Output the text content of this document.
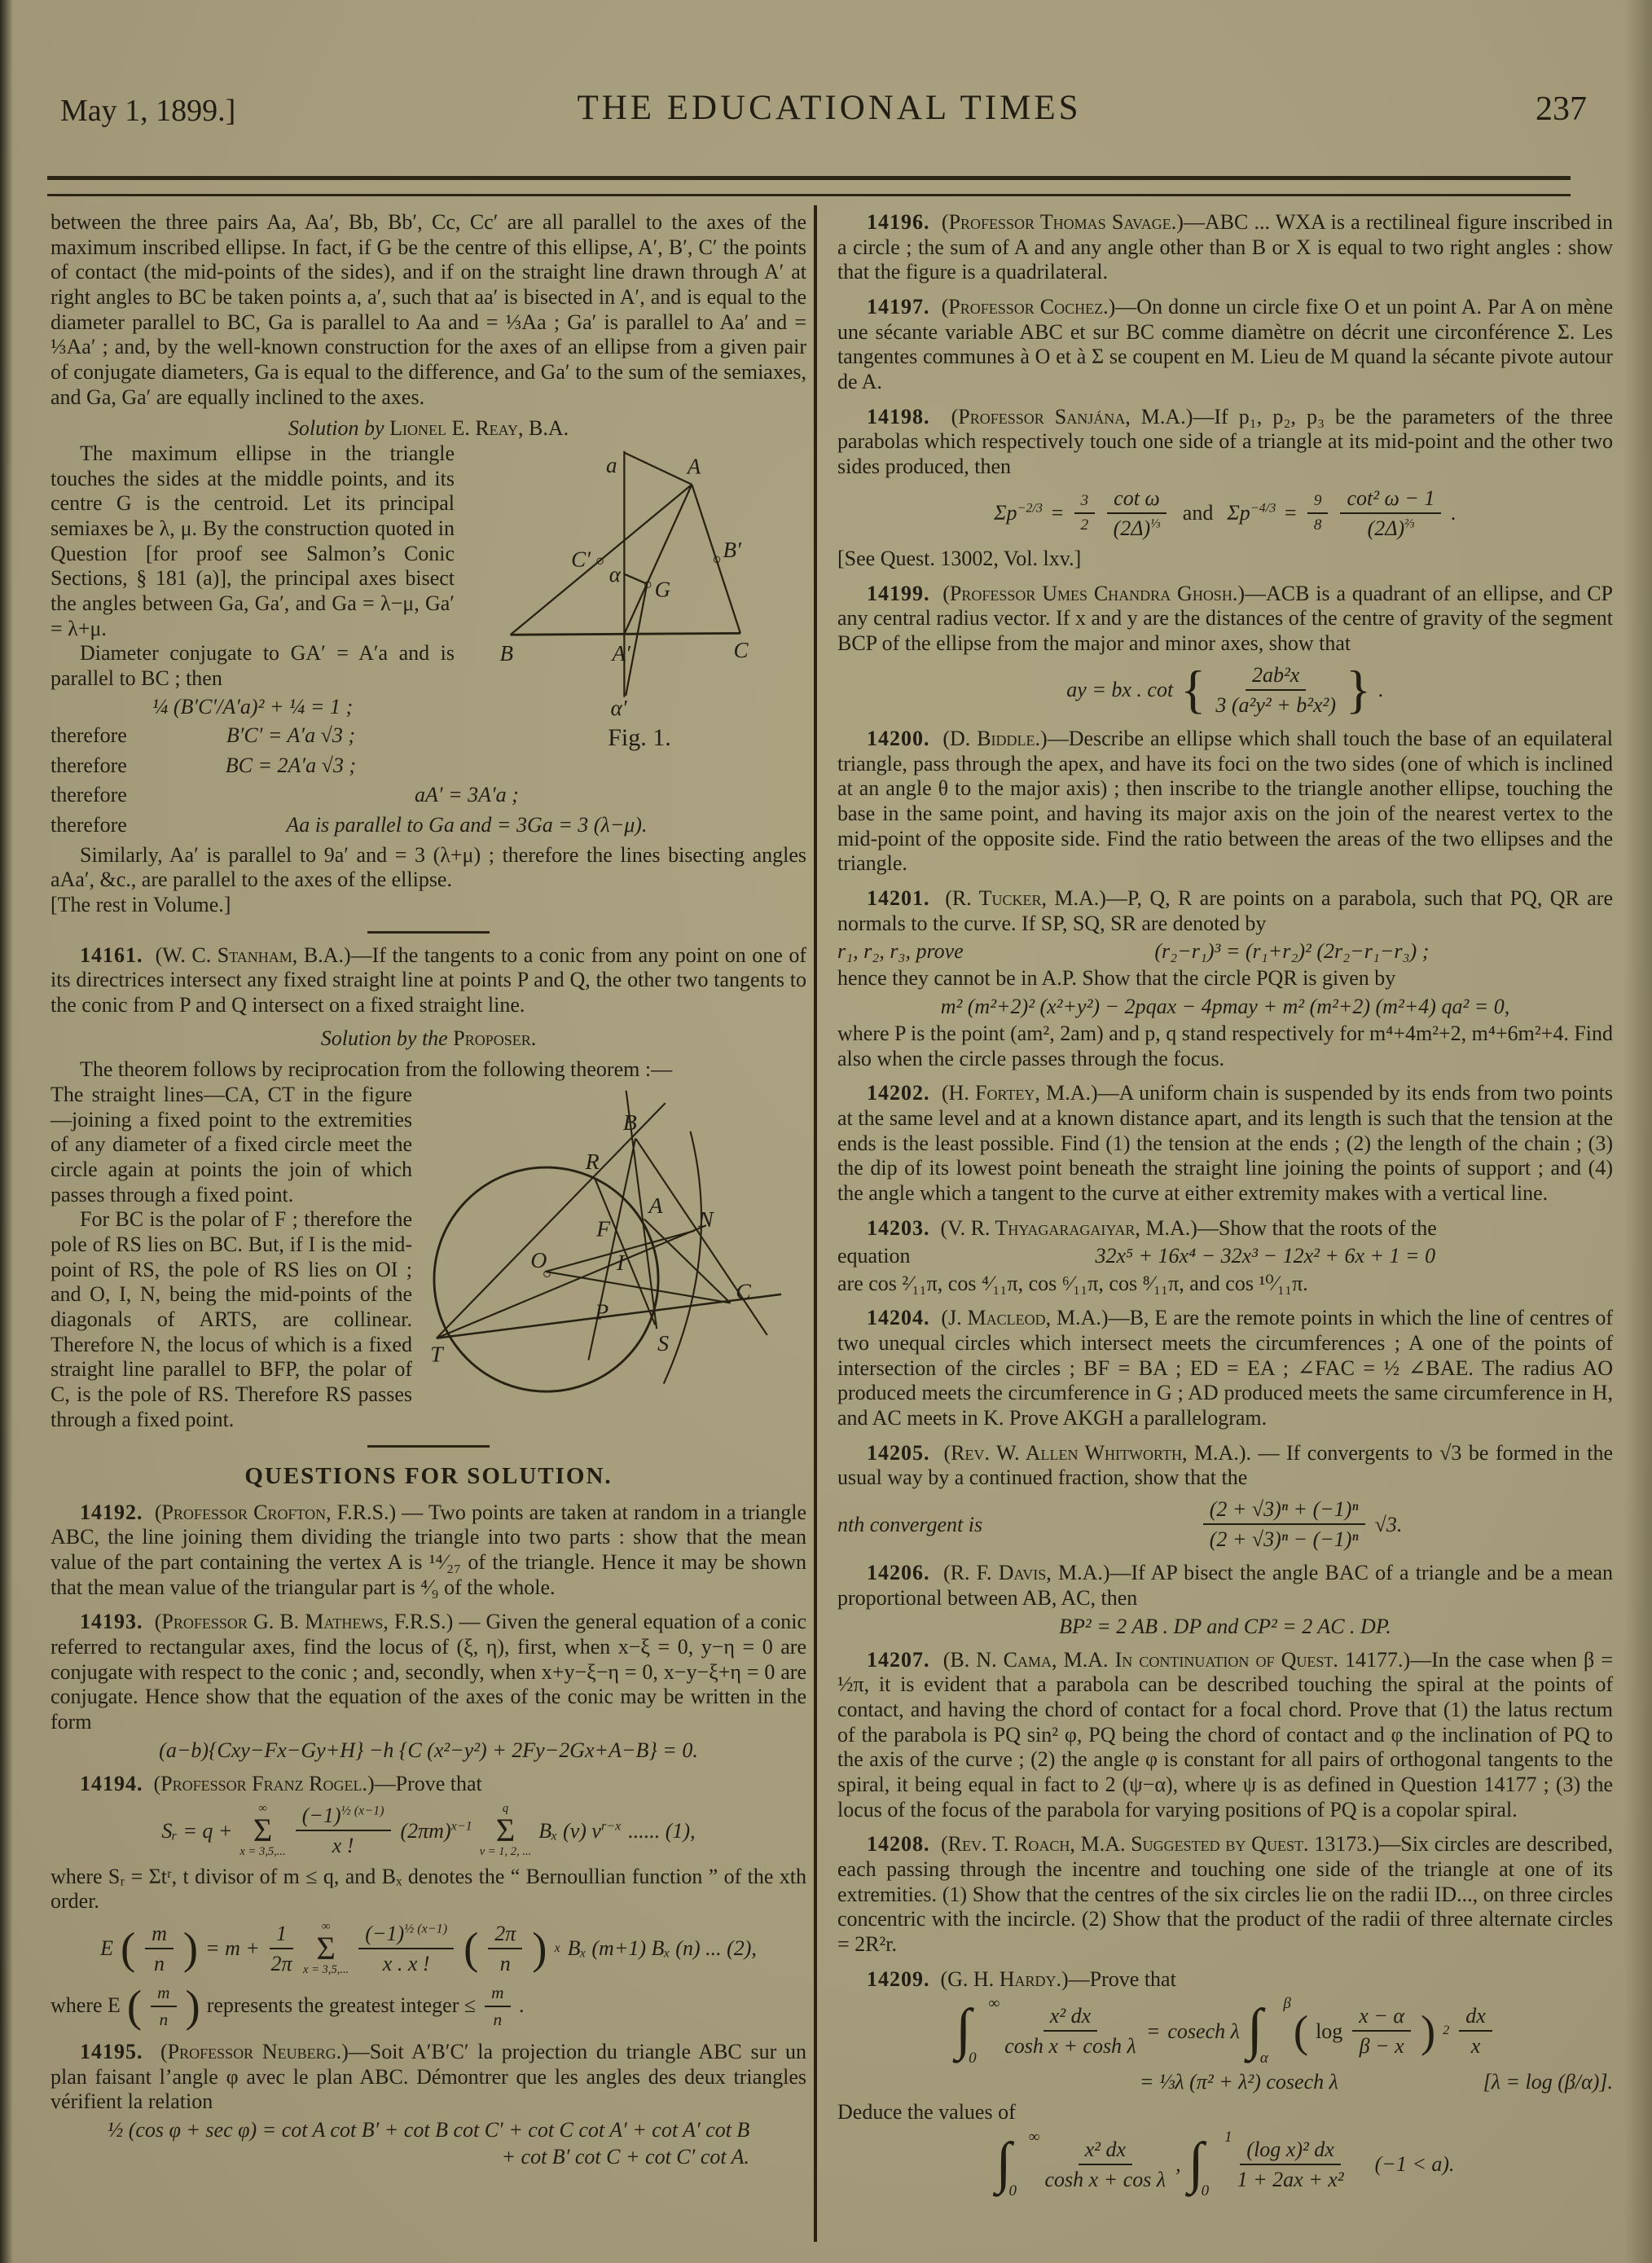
May 1, 1899.]	THE EDUCATIONAL TIMES	237

between the three pairs Aa, Aa′, Bb, Bb′, Cc, Cc′ are all parallel to the axes of the maximum inscribed ellipse. In fact, if G be the centre of this ellipse, A′, B′, C′ the points of contact (the mid-points of the sides), and if on the straight line drawn through A′ at right angles to BC be taken points a, a′, such that aa′ is bisected in A′, and is equal to the diameter parallel to BC, Ga is parallel to Aa and = ⅓Aa ; Ga′ is parallel to Aa′ and = ⅓Aa′ ; and, by the well-known construction for the axes of an ellipse from a given pair of conjugate diameters, Ga is equal to the difference, and Ga′ to the sum of the semiaxes, and Ga, Ga′ are equally inclined to the axes.

Solution by Lionel E. Reay, B.A.

a	A
C′	B′
α
G
B	A′	C
α′
Fig. 1.

The maximum ellipse in the triangle touches the sides at the middle points, and its centre G is the centroid. Let its principal semiaxes be λ, μ. By the construction quoted in Question [for proof see Salmon’s Conic Sections, § 181 (a)], the principal axes bisect the angles between Ga, Ga′, and Ga = λ−μ, Ga′ = λ+μ.

Diameter conjugate to GA′ = A′a and is parallel to BC ; then

¼ (B′C′/A′a)² + ¼ = 1 ;
therefore	B′C′ = A′a √3 ;
therefore	BC = 2A′a √3 ;
therefore	aA′ = 3A′a ;
therefore	Aa is parallel to Ga and = 3Ga = 3 (λ−μ).

Similarly, Aa′ is parallel to 9a′ and = 3 (λ+μ) ; therefore the lines bisecting angles aAa′, &c., are parallel to the axes of the ellipse.

[The rest in Volume.]

14161. (W. C. Stanham, B.A.)—If the tangents to a conic from any point on one of its directrices intersect any fixed straight line at points P and Q, the other two tangents to the conic from P and Q intersect on a fixed straight line.

Solution by the Proposer.

The theorem follows by reciprocation from the following theorem :—

B
R
A
F	N
O	I
P
C
S
T

The straight lines—CA, CT in the figure—joining a fixed point to the extremities of any diameter of a fixed circle meet the circle again at points the join of which passes through a fixed point.

For BC is the polar of F ; therefore the pole of RS lies on BC. But, if I is the mid-point of RS, the pole of RS lies on OI ; and O, I, N, being the mid-points of the diagonals of ARTS, are collinear. Therefore N, the locus of which is a fixed straight line parallel to BFP, the polar of C, is the pole of RS. Therefore RS passes through a fixed point.

QUESTIONS FOR SOLUTION.

14192. (Professor Crofton, F.R.S.) — Two points are taken at random in a triangle ABC, the line joining them dividing the triangle into two parts : show that the mean value of the part containing the vertex A is ¹⁴⁄₂₇ of the triangle. Hence it may be shown that the mean value of the triangular part is ⁴⁄₉ of the whole.

14193. (Professor G. B. Mathews, F.R.S.) — Given the general equation of a conic referred to rectangular axes, find the locus of (ξ, η), first, when x−ξ = 0, y−η = 0 are conjugate with respect to the conic ; and, secondly, when x+y−ξ−η = 0, x−y−ξ+η = 0 are conjugate. Hence show that the equation of the axes of the conic may be written in the form

(a−b){Cxy−Fx−Gy+H} −h {C (x²−y²) + 2Fy−2Gx+A−B} = 0.

14194. (Professor Franz Rogel.)—Prove that

Sᵣ = q +
∞
Σ
x = 3,5,... $\frac{(-1)^{\frac{1}{2} (x-1)}}{x !} (2\pi m)^{x-1}$
q
Σ
ν = 1, 2, ...
Bₓ (ν) $\nu^{r-x}$ ...... (1),

where Sᵣ = Σtʳ, t divisor of m ≤ q, and Bₓ denotes the “ Bernoullian function ” of the xth order.

E ( $\frac{m}{n}$ ) = $m + \frac{1}{2\pi}$ ∞
Σ
x = 3,5,... $\frac{(-1)^{\frac{1}{2} (x-1)}}{x . x !}$ ( $\frac{2\pi}{n}$ ) x Bₓ (m+1) Bₓ (n) ... (2),
where E ( $\frac{m}{n}$ ) represents the greatest integer ≤ $\frac{m}{n}$ .

14195. (Professor Neuberg.)—Soit A′B′C′ la projection du triangle ABC sur un plan faisant l’angle φ avec le plan ABC. Démontrer que les angles des deux triangles vérifient la relation

½ (cos φ + sec φ) = cot A cot B′ + cot B cot C′ + cot C cot A′ + cot A′ cot B
+ cot B′ cot C + cot C′ cot A.

14196. (Professor Thomas Savage.)—ABC ... WXA is a rectilineal figure inscribed in a circle ; the sum of A and any angle other than B or X is equal to two right angles : show that the figure is a quadrilateral.

14197. (Professor Cochez.)—On donne un circle fixe O et un point A. Par A on mène une sécante variable ABC et sur BC comme diamètre on décrit une circonférence Σ. Les tangentes communes à O et à Σ se coupent en M. Lieu de M quand la sécante pivote autour de A.

14198. (Professor Sanjána, M.A.)—If p₁, p₂, p₃ be the parameters of the three parabolas which respectively touch one side of a triangle at its mid-point and the other two sides produced, then

$\Sigma p^{-2/3} = \frac{3}{2} \frac{\text{cot ω}}{(2\Delta)^{\frac{1}{3}}}$ and $\Sigma p^{-4/3} = \frac{9}{8} \frac{\text{cot² ω − 1}}{(2\Delta)^{\frac{2}{3}}}$ .

[See Quest. 13002, Vol. lxv.]

14199. (Professor Umes Chandra Ghosh.)—ACB is a quadrant of an ellipse, and CP any central radius vector. If x and y are the distances of the centre of gravity of the segment BCP of the ellipse from the major and minor axes, show that

ay = bx . cot { $\frac{\text{2ab²x}}{\text{3 (a²y² + b²x²)}}$ } .

14200. (D. Biddle.)—Describe an ellipse which shall touch the base of an equilateral triangle, pass through the apex, and have its foci on the two sides (one of which is inclined at an angle θ to the major axis) ; then inscribe to the triangle another ellipse, touching the base in the same point, and having its major axis on the join of the nearest vertex to the mid-point of the opposite side. Find the ratio between the areas of the two ellipses and the triangle.

14201. (R. Tucker, M.A.)—P, Q, R are points on a parabola, such that PQ, QR are normals to the curve. If SP, SQ, SR are denoted by

r₁, r₂, r₃, prove	(r₂−r₁)³ = (r₁+r₂)² (2r₂−r₁−r₃) ;

hence they cannot be in A.P. Show that the circle PQR is given by

m² (m²+2)² (x²+y²) − 2pqax − 4pmay + m² (m²+2) (m²+4) qa² = 0,

where P is the point (am², 2am) and p, q stand respectively for m⁴+4m²+2, m⁴+6m²+4. Find also when the circle passes through the focus.

14202. (H. Fortey, M.A.)—A uniform chain is suspended by its ends from two points at the same level and at a known distance apart, and its length is such that the tension at the ends is the least possible. Find (1) the tension at the ends ; (2) the length of the chain ; (3) the dip of its lowest point beneath the straight line joining the points of support ; and (4) the angle which a tangent to the curve at either extremity makes with a vertical line.

14203. (V. R. Thyagaragaiyar, M.A.)—Show that the roots of the

equation	32x⁵ + 16x⁴ − 32x³ − 12x² + 6x + 1 = 0

are cos ²⁄₁₁π, cos ⁴⁄₁₁π, cos ⁶⁄₁₁π, cos ⁸⁄₁₁π, and cos ¹⁰⁄₁₁π.

14204. (J. Macleod, M.A.)—B, E are the remote points in which the line of centres of two unequal circles which intersect meets the circumferences ; A one of the points of intersection of the circles ; BF = BA ; ED = EA ; ∠FAC = ½ ∠BAE. The radius AO produced meets the circumference in G ; AD produced meets the same circumference in H, and AC meets in K. Prove AKGH a parallelogram.

14205. (Rev. W. Allen Whitworth, M.A.). — If convergents to √3 be formed in the usual way by a continued fraction, show that the

nth convergent is	$\frac{\text{(2 + √3)ⁿ + (−1)ⁿ}}{\text{(2 + √3)ⁿ − (−1)ⁿ}} √3$.

14206. (R. F. Davis, M.A.)—If AP bisect the angle BAC of a triangle and be a mean proportional between AB, AC, then

BP² = 2 AB . DP and CP² = 2 AC . DP.

14207. (B. N. Cama, M.A. In continuation of Quest. 14177.)—In the case when β = ½π, it is evident that a parabola can be described touching the spiral at the points of contact, and having the chord of contact for a focal chord. Prove that (1) the latus rectum of the parabola is PQ sin² φ, PQ being the chord of contact and φ the inclination of PQ to the axis of the curve ; (2) the angle φ is constant for all pairs of orthogonal tangents to the spiral, it being equal in fact to 2 (ψ−α), where ψ is as defined in Question 14177 ; (3) the locus of the focus of the parabola for varying positions of PQ is a copolar spiral.

14208. (Rev. T. Roach, M.A. Suggested by Quest. 13173.)—Six circles are described, each passing through the incentre and touching one side of the triangle at one of its extremities. (1) Show that the centres of the six circles lie on the radii ID..., on three circles concentric with the incircle. (2) Show that the product of the radii of three alternate circles = 2R²r.

14209. (G. H. Hardy.)—Prove that

∫	∞
0
$\frac{\text{x² dx}}{\text{cosh x + cosh λ}} = cosech$ λ ∫	β
α
( $\log \frac{x - \alpha}{\beta - x}$ ) $2 \frac{dx}{x}$
= ⅓λ (π² + λ²) cosech λ	[λ = log (β/α)].

Deduce the values of

∫	∞
0
$\frac{\text{x² dx}}{\text{cosh x + cos λ}}$ , ∫	1
0
$\frac{\text{(log x)² dx}}{\text{1 + 2ax + x²}}$	(−1 < a).
